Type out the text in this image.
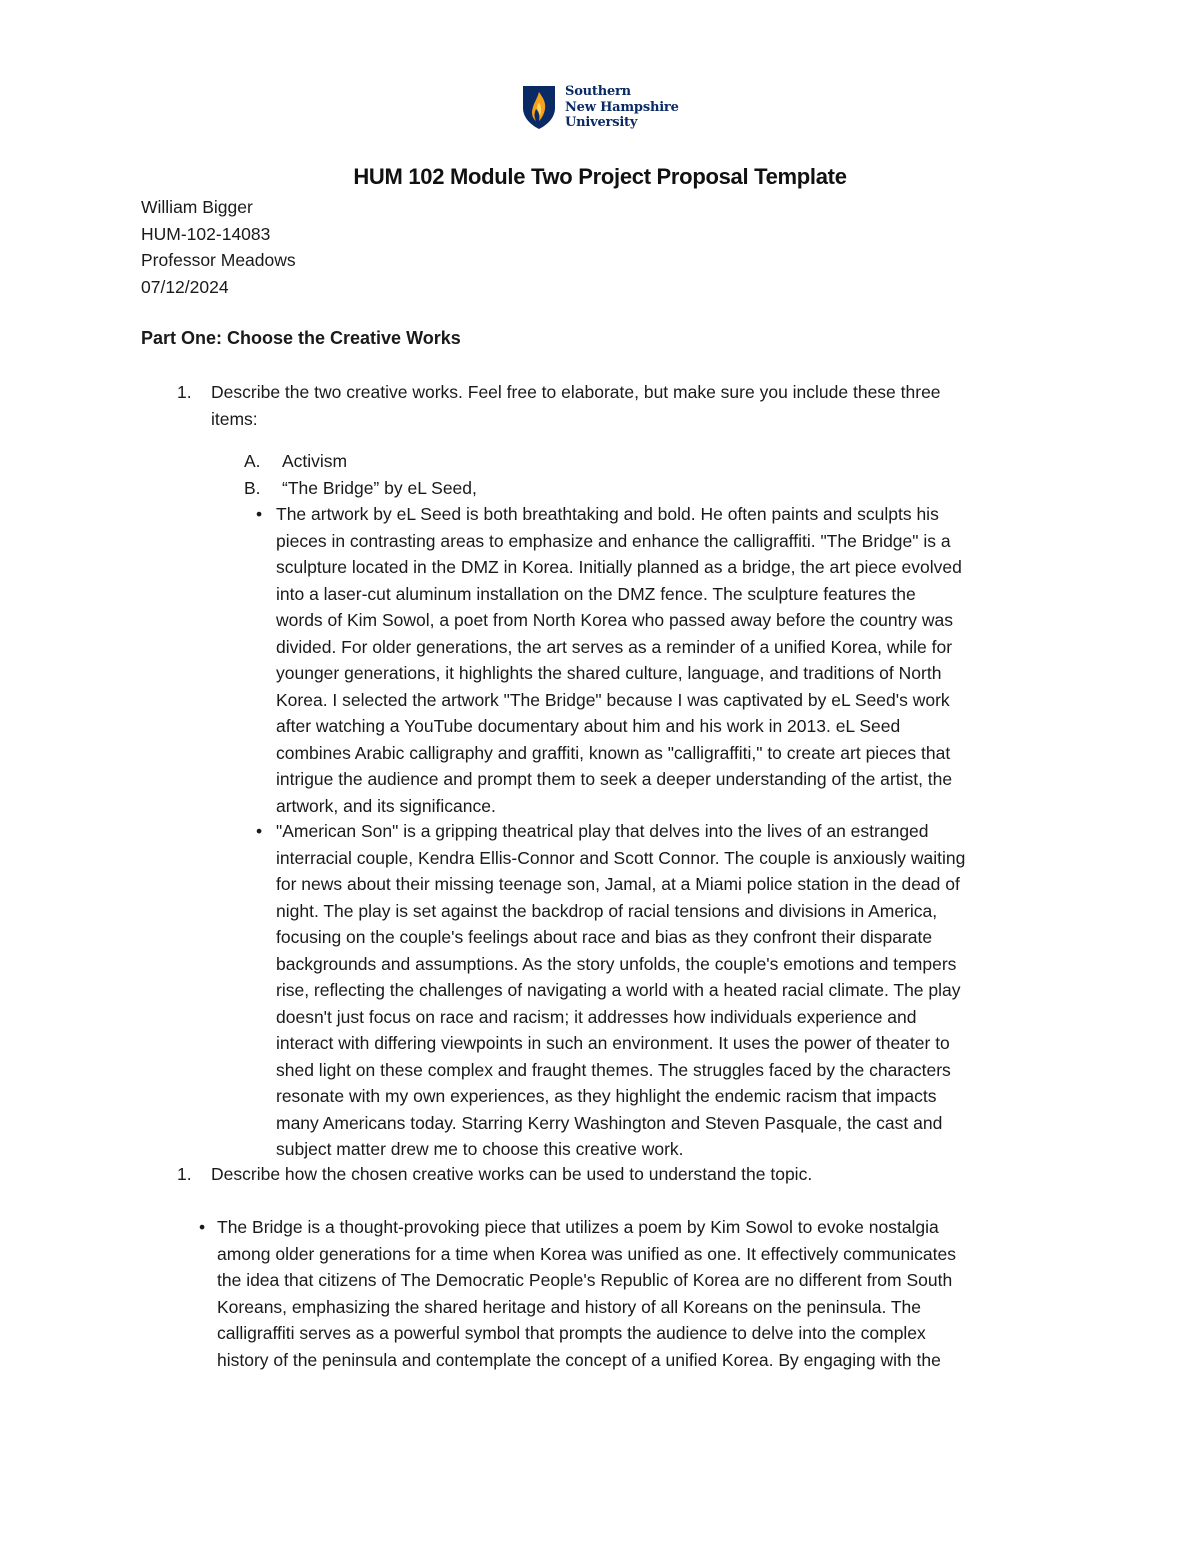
Southern
New Hampshire
University
HUM 102 Module Two Project Proposal Template
William Bigger
HUM-102-14083
Professor Meadows
07/12/2024
Part One: Choose the Creative Works
1. Describe the two creative works. Feel free to elaborate, but make sure you include these three
items:
A. Activism
B. “The Bridge” by eL Seed,
• The artwork by eL Seed is both breathtaking and bold. He often paints and sculpts his
pieces in contrasting areas to emphasize and enhance the calligraffiti. "The Bridge" is a
sculpture located in the DMZ in Korea. Initially planned as a bridge, the art piece evolved
into a laser-cut aluminum installation on the DMZ fence. The sculpture features the
words of Kim Sowol, a poet from North Korea who passed away before the country was
divided. For older generations, the art serves as a reminder of a unified Korea, while for
younger generations, it highlights the shared culture, language, and traditions of North
Korea. I selected the artwork "The Bridge" because I was captivated by eL Seed's work
after watching a YouTube documentary about him and his work in 2013. eL Seed
combines Arabic calligraphy and graffiti, known as "calligraffiti," to create art pieces that
intrigue the audience and prompt them to seek a deeper understanding of the artist, the
artwork, and its significance.
• "American Son" is a gripping theatrical play that delves into the lives of an estranged
interracial couple, Kendra Ellis-Connor and Scott Connor. The couple is anxiously waiting
for news about their missing teenage son, Jamal, at a Miami police station in the dead of
night. The play is set against the backdrop of racial tensions and divisions in America,
focusing on the couple's feelings about race and bias as they confront their disparate
backgrounds and assumptions. As the story unfolds, the couple's emotions and tempers
rise, reflecting the challenges of navigating a world with a heated racial climate. The play
doesn't just focus on race and racism; it addresses how individuals experience and
interact with differing viewpoints in such an environment. It uses the power of theater to
shed light on these complex and fraught themes. The struggles faced by the characters
resonate with my own experiences, as they highlight the endemic racism that impacts
many Americans today. Starring Kerry Washington and Steven Pasquale, the cast and
subject matter drew me to choose this creative work.
1. Describe how the chosen creative works can be used to understand the topic.
• The Bridge is a thought-provoking piece that utilizes a poem by Kim Sowol to evoke nostalgia
among older generations for a time when Korea was unified as one. It effectively communicates
the idea that citizens of The Democratic People's Republic of Korea are no different from South
Koreans, emphasizing the shared heritage and history of all Koreans on the peninsula. The
calligraffiti serves as a powerful symbol that prompts the audience to delve into the complex
history of the peninsula and contemplate the concept of a unified Korea. By engaging with the
